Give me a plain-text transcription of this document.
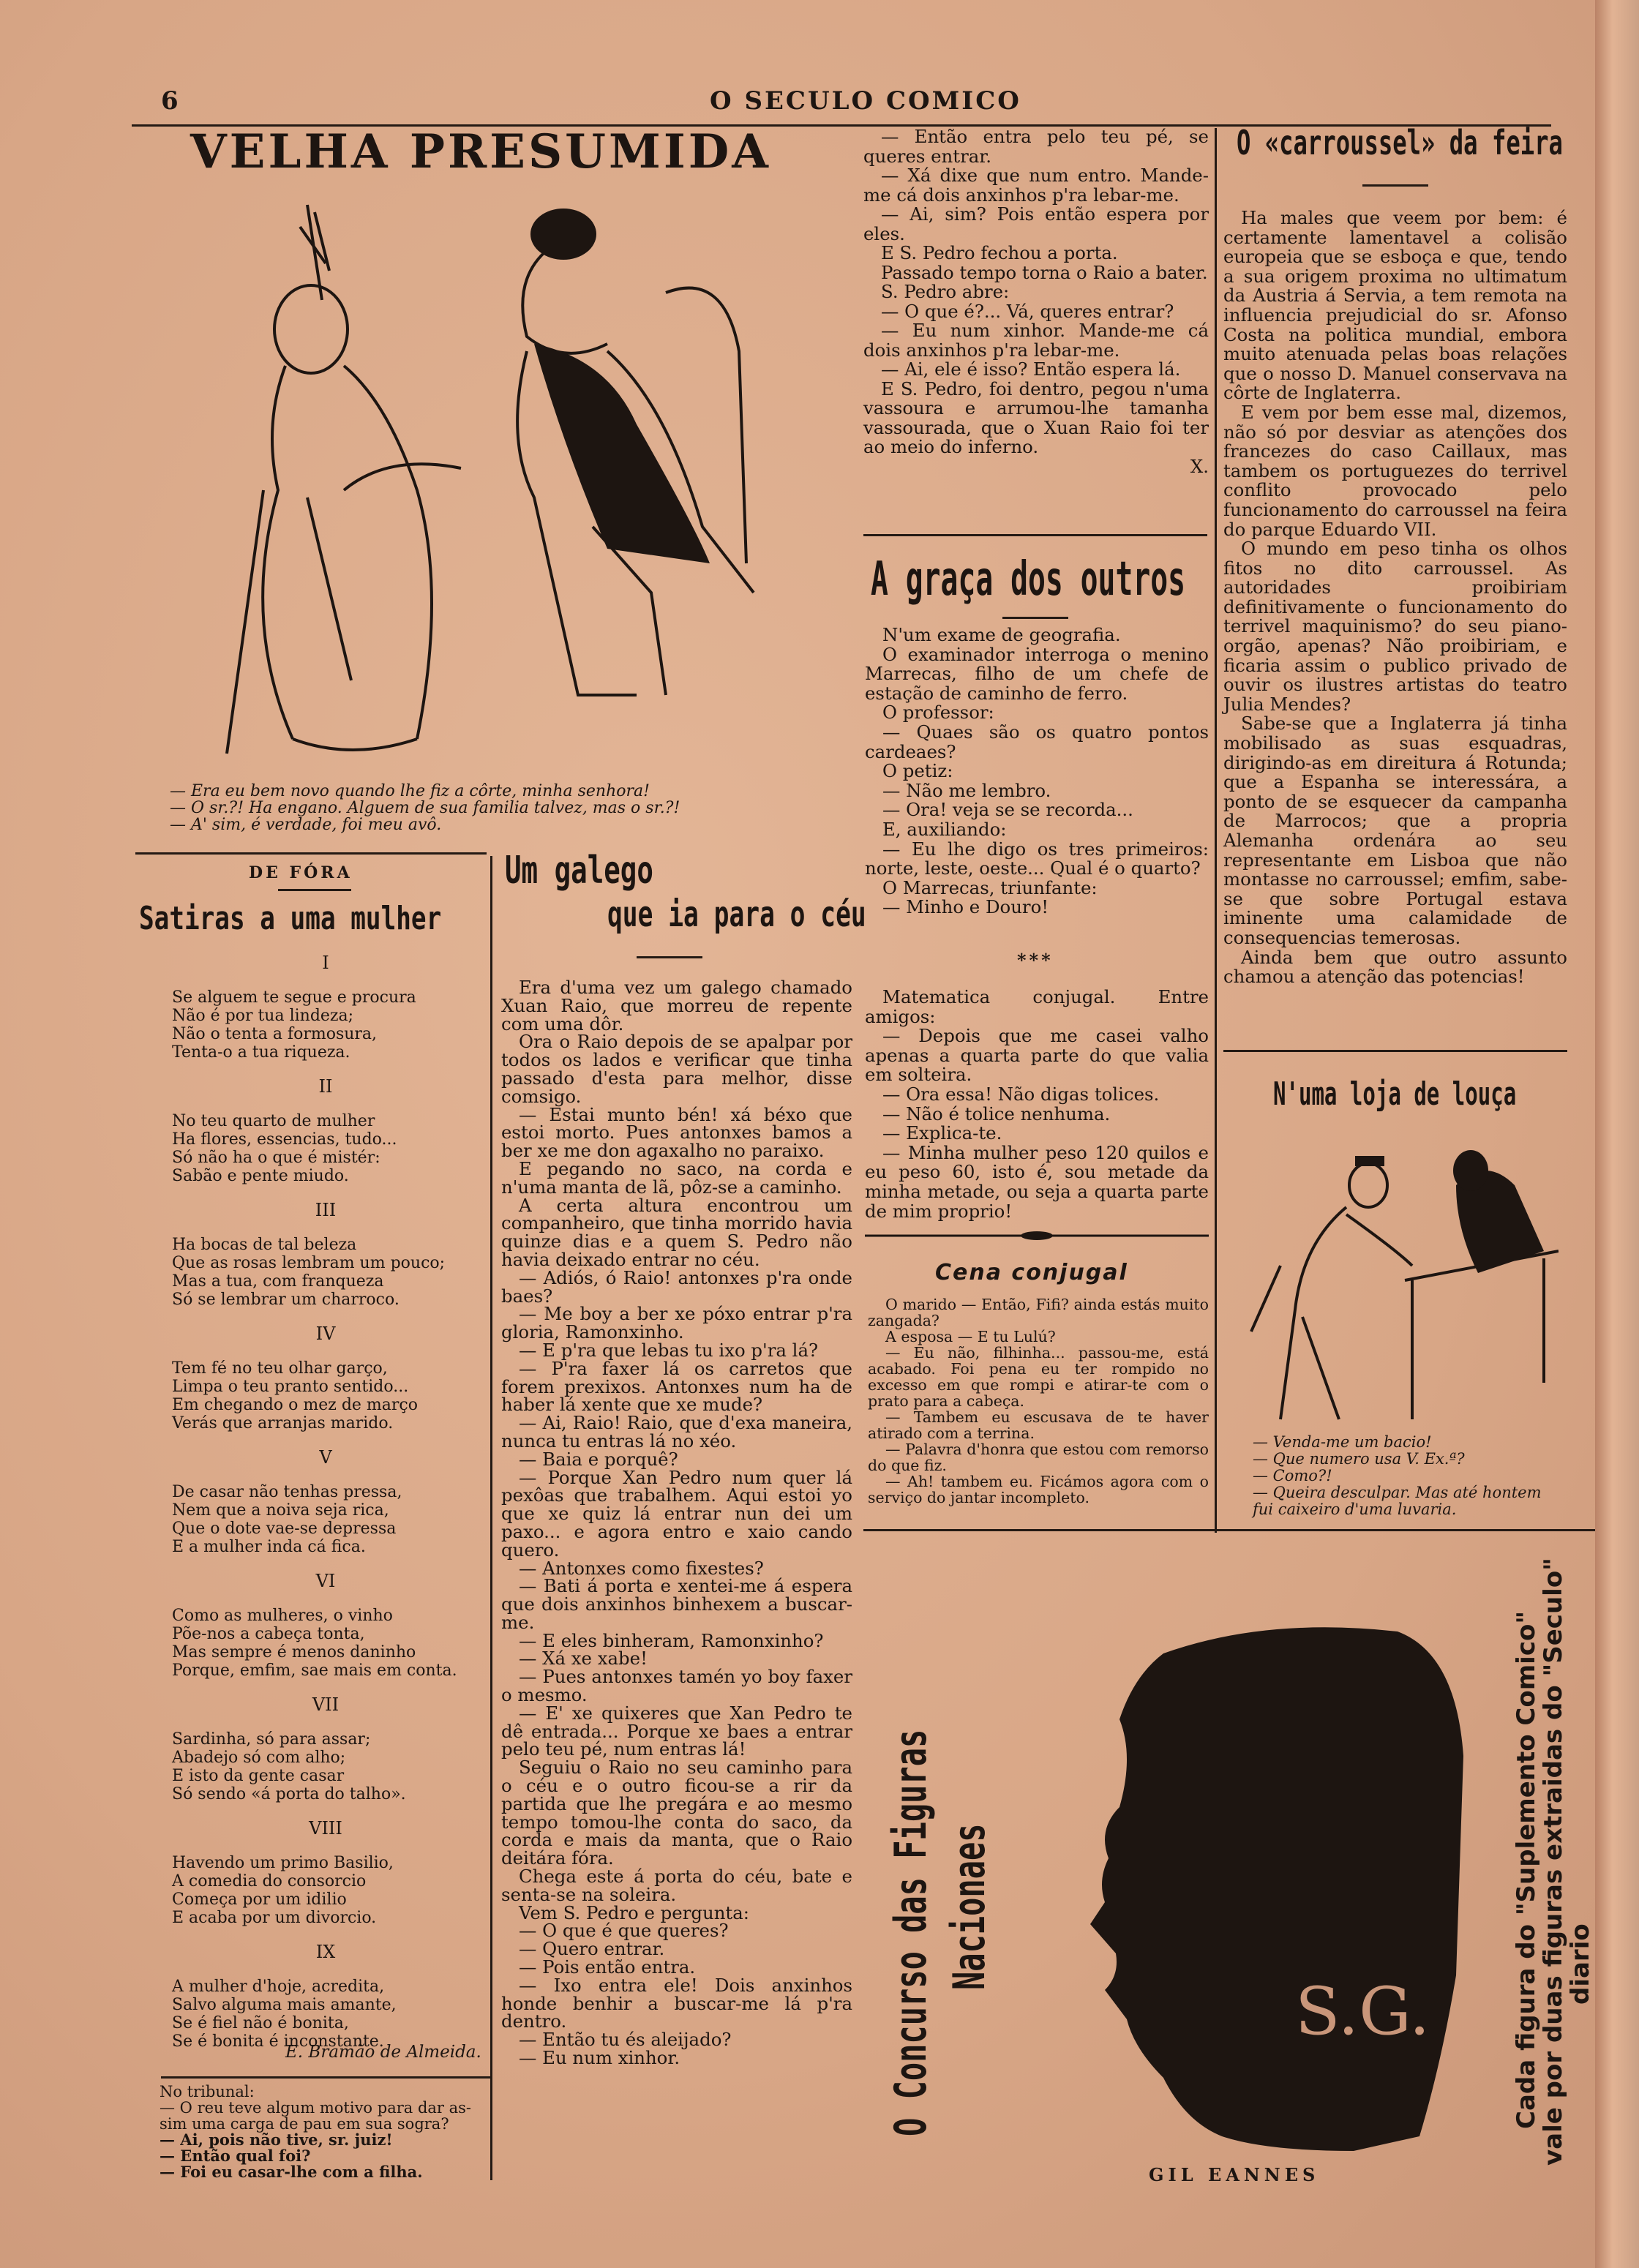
6	O SECULO COMICO
VELHA PRESUMIDA
— Era eu bem novo quando lhe fiz a côrte, minha senhora!
— O sr.?! Ha engano. Alguem de sua familia talvez, mas o sr.?!
— A' sim, é verdade, foi meu avô.
DE FÓRA
Satiras a uma mulher
I

Se alguem te segue e procura

Não é por tua lindeza;

Não o tenta a formosura,

Tenta-o a tua riqueza.

II

No teu quarto de mulher

Ha flores, essencias, tudo...

Só não ha o que é mistér:

Sabão e pente miudo.

III

Ha bocas de tal beleza

Que as rosas lembram um pouco;

Mas a tua, com franqueza

Só se lembrar um charroco.

IV

Tem fé no teu olhar garço,

Limpa o teu pranto sentido...

Em chegando o mez de março

Verás que arranjas marido.

V

De casar não tenhas pressa,

Nem que a noiva seja rica,

Que o dote vae-se depressa

E a mulher inda cá fica.

VI

Como as mulheres, o vinho

Põe-nos a cabeça tonta,

Mas sempre é menos daninho

Porque, emfim, sae mais em conta.

VII

Sardinha, só para assar;

Abadejo só com alho;

E isto da gente casar

Só sendo «á porta do talho».

VIII

Havendo um primo Basilio,

A comedia do consorcio

Começa por um idilio

E acaba por um divorcio.

IX

A mulher d'hoje, acredita,

Salvo alguma mais amante,

Se é fiel não é bonita,

Se é bonita é inconstante.

E. Bramão de Almeida.

No tribunal:

— O reu teve algum motivo para dar as-

sim uma carga de pau em sua sogra?

— Ai, pois não tive, sr. juiz!

— Então qual foi?

— Foi eu casar-lhe com a filha.

Um galego
que ia para o céu

Era d'uma vez um galego chamado Xuan Raio, que morreu de repente com uma dôr.

Ora o Raio depois de se apalpar por todos os lados e verificar que tinha passado d'esta para melhor, disse comsigo.

— Estai munto bén! xá béxo que estoi morto. Pues antonxes bamos a ber xe me don agaxalho no paraixo.

E pegando no saco, na corda e n'uma manta de lã, pôz-se a caminho.

A certa altura encontrou um companheiro, que tinha morrido havia quinze dias e a quem S. Pedro não havia deixado entrar no céu.

— Adiós, ó Raio! antonxes p'ra onde baes?

— Me boy a ber xe póxo entrar p'ra gloria, Ramonxinho.

— E p'ra que lebas tu ixo p'ra lá?

— P'ra faxer lá os carretos que forem prexixos. Antonxes num ha de haber lá xente que xe mude?

— Ai, Raio! Raio, que d'exa maneira, nunca tu entras lá no xéo.

— Baia e porquê?

— Porque Xan Pedro num quer lá pexôas que trabalhem. Aqui estoi yo que xe quiz lá entrar nun dei um paxo... e agora entro e xaio cando quero.

— Antonxes como fixestes?

— Bati á porta e xentei-me á espera que dois anxinhos binhexem a buscar-me.

— E eles binheram, Ramonxinho?

— Xá xe xabe!

— Pues antonxes tamén yo boy faxer o mesmo.

— E' xe quixeres que Xan Pedro te dê entrada... Porque xe baes a entrar pelo teu pé, num entras lá!

Seguiu o Raio no seu caminho para o céu e o outro ficou-se a rir da partida que lhe pregára e ao mesmo tempo tomou-lhe conta do saco, da corda e mais da manta, que o Raio deitára fóra.

Chega este á porta do céu, bate e senta-se na soleira.

Vem S. Pedro e pergunta:

— O que é que queres?

— Quero entrar.

— Pois então entra.

— Ixo entra ele! Dois anxinhos honde benhir a buscar-me lá p'ra dentro.

— Então tu és aleijado?

— Eu num xinhor.

— Então entra pelo teu pé, se queres entrar.

— Xá dixe que num entro. Mande-me cá dois anxinhos p'ra lebar-me.

— Ai, sim? Pois então espera por eles.

E S. Pedro fechou a porta.

Passado tempo torna o Raio a bater.

S. Pedro abre:

— O que é?... Vá, queres entrar?

— Eu num xinhor. Mande-me cá dois anxinhos p'ra lebar-me.

— Ai, ele é isso? Então espera lá.

E S. Pedro, foi dentro, pegou n'uma vassoura e arrumou-lhe tamanha vassourada, que o Xuan Raio foi ter ao meio do inferno.

X.

A graça dos outros

N'um exame de geografia.

O examinador interroga o menino Marrecas, filho de um chefe de estação de caminho de ferro.

O professor:

— Quaes são os quatro pontos cardeaes?

O petiz:

— Não me lembro.

— Ora! veja se se recorda...

E, auxiliando:

— Eu lhe digo os tres primeiros: norte, leste, oeste... Qual é o quarto?

O Marrecas, triunfante:

— Minho e Douro!

***

Matematica conjugal. Entre amigos:

— Depois que me casei valho apenas a quarta parte do que valia em solteira.

— Ora essa! Não digas tolices.

— Não é tolice nenhuma.

— Explica-te.

— Minha mulher peso 120 quilos e eu peso 60, isto é, sou metade da minha metade, ou seja a quarta parte de mim proprio!

Cena conjugal

O marido — Então, Fifi? ainda estás muito zangada?

A esposa — E tu Lulú?

— Eu não, filhinha... passou-me, está acabado. Foi pena eu ter rompido no excesso em que rompi e atirar-te com o prato para a cabeça.

— Tambem eu escusava de te haver atirado com a terrina.

— Palavra d'honra que estou com remorso do que fiz.

— Ah! tambem eu. Ficámos agora com o serviço do jantar incompleto.

O «carroussel» da feira

Ha males que veem por bem: é certamente lamentavel a colisão europeia que se esboça e que, tendo a sua origem proxima no ultimatum da Austria á Servia, a tem remota na influencia prejudicial do sr. Afonso Costa na politica mundial, embora muito atenuada pelas boas relações que o nosso D. Manuel conservava na côrte de Inglaterra.

E vem por bem esse mal, dizemos, não só por desviar as atenções dos francezes do caso Caillaux, mas tambem os portuguezes do terrivel conflito provocado pelo funcionamento do carroussel na feira do parque Eduardo VII.

O mundo em peso tinha os olhos fitos no dito carroussel. As autoridades proibiriam definitivamente o funcionamento do terrivel maquinismo? do seu piano-orgão, apenas? Não proibiriam, e ficaria assim o publico privado de ouvir os ilustres artistas do teatro Julia Mendes?

Sabe-se que a Inglaterra já tinha mobilisado as suas esquadras, dirigindo-as em direitura á Rotunda; que a Espanha se interessára, a ponto de se esquecer da campanha de Marrocos; que a propria Alemanha ordenára ao seu representante em Lisboa que não montasse no carroussel; emfim, sabe-se que sobre Portugal estava iminente uma calamidade de consequencias temerosas.

Ainda bem que outro assunto chamou a atenção das potencias!

N'uma loja de louça
— Venda-me um bacio!
— Que numero usa V. Ex.ª?
— Como?!
— Queira desculpar. Mas até hontem fui caixeiro d'uma luvaria.
O Concurso das Figuras Nacionaes
S.G.
GIL EANNES
Cada figura do "Suplemento Comico"
vale por duas figuras extraidas do "Seculo"
diario
